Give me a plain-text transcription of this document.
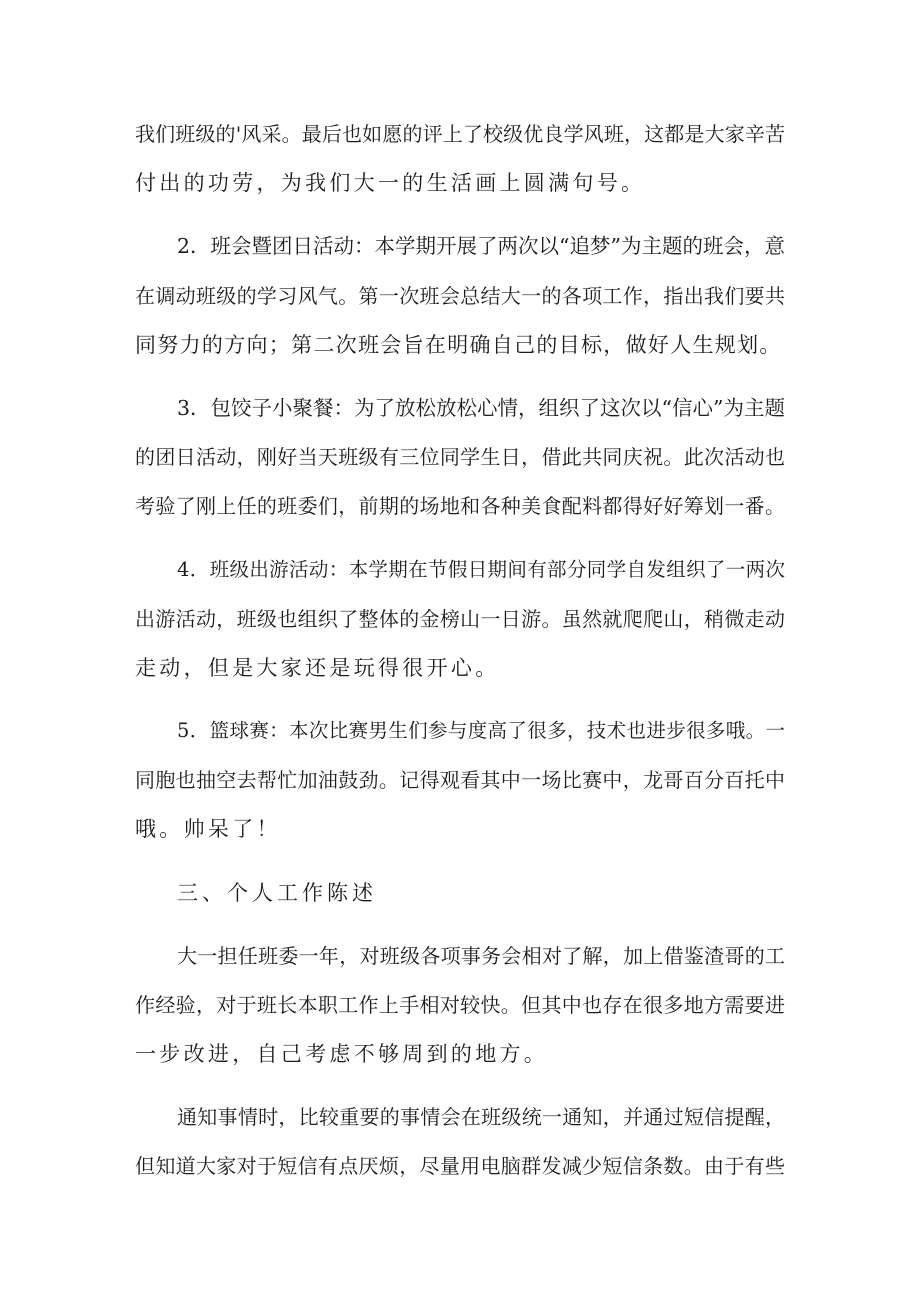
我们班级的'风采。最后也如愿的评上了校级优良学风班，这都是大家辛苦
付出的功劳，为我们大一的生活画上圆满句号。
2．班会暨团日活动：本学期开展了两次以“追梦”为主题的班会，意
在调动班级的学习风气。第一次班会总结大一的各项工作，指出我们要共
同努力的方向；第二次班会旨在明确自己的目标，做好人生规划。
3．包饺子小聚餐：为了放松放松心情，组织了这次以“信心”为主题
的团日活动，刚好当天班级有三位同学生日，借此共同庆祝。此次活动也
考验了刚上任的班委们，前期的场地和各种美食配料都得好好筹划一番。
4．班级出游活动：本学期在节假日期间有部分同学自发组织了一两次
出游活动，班级也组织了整体的金榜山一日游。虽然就爬爬山，稍微走动
走动，但是大家还是玩得很开心。
5．篮球赛：本次比赛男生们参与度高了很多，技术也进步很多哦。一
同胞也抽空去帮忙加油鼓劲。记得观看其中一场比赛中，龙哥百分百托中
哦。帅呆了！
三、个人工作陈述
大一担任班委一年，对班级各项事务会相对了解，加上借鉴渣哥的工
作经验，对于班长本职工作上手相对较快。但其中也存在很多地方需要进
一步改进，自己考虑不够周到的地方。
通知事情时，比较重要的事情会在班级统一通知，并通过短信提醒，
但知道大家对于短信有点厌烦，尽量用电脑群发减少短信条数。由于有些
